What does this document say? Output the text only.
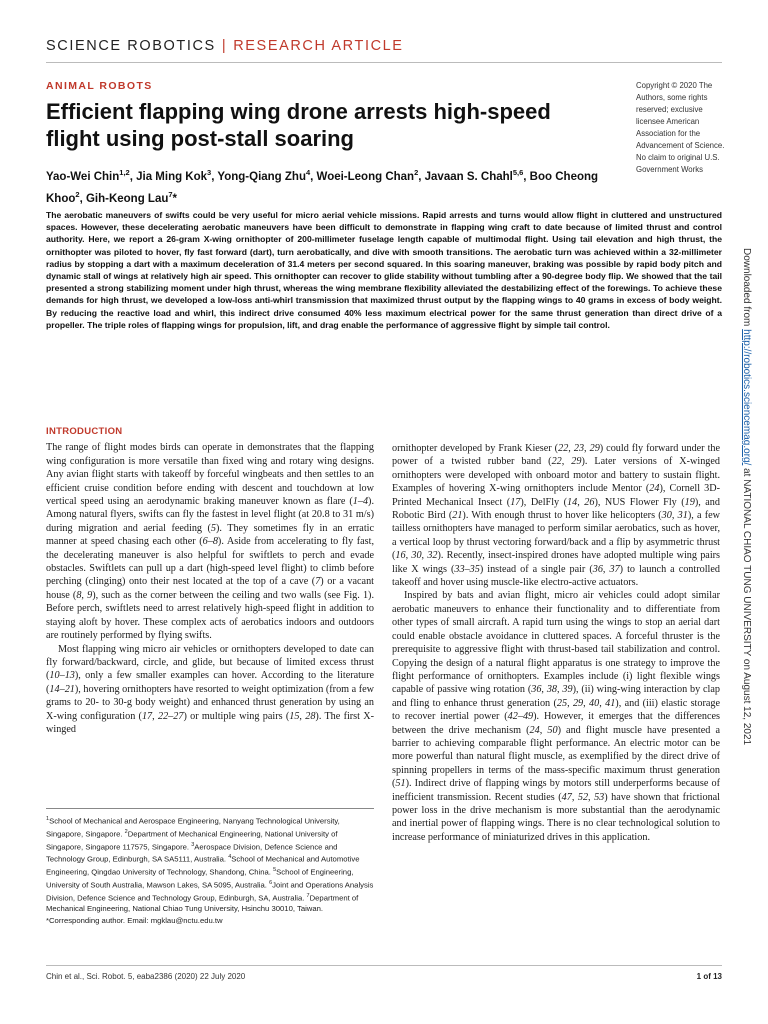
SCIENCE ROBOTICS | RESEARCH ARTICLE
ANIMAL ROBOTS
Efficient flapping wing drone arrests high-speed flight using post-stall soaring

Yao-Wei Chin$^{1,2}$, Jia Ming Kok$^3$, Yong-Qiang Zhu$^4$, Woei-Leong Chan$^2$, Javaan S. Chahl$^{5,6}$, Boo Cheong Khoo$^2$, Gih-Keong Lau$^7$*

Copyright © 2020 The Authors, some rights reserved; exclusive licensee American Association for the Advancement of Science. No claim to original U.S. Government Works

The aerobatic maneuvers of swifts could be very useful for micro aerial vehicle missions. Rapid arrests and turns would allow flight in cluttered and unstructured spaces. However, these decelerating aerobatic maneuvers have been difficult to demonstrate in flapping wing craft to date because of limited thrust and control authority. Here, we report a 26-gram X-wing ornithopter of 200-millimeter fuselage length capable of multimodal flight. Using tail elevation and high thrust, the ornithopter was piloted to hover, fly fast forward (dart), turn aerobatically, and dive with smooth transitions. The aerobatic turn was achieved within a 32-millimeter radius by stopping a dart with a maximum deceleration of 31.4 meters per second squared. In this soaring maneuver, braking was possible by rapid body pitch and dynamic stall of wings at relatively high air speed. This ornithopter can recover to glide stability without tumbling after a 90-degree body flip. We showed that the tail presented a strong stabilizing moment under high thrust, whereas the wing membrane flexibility alleviated the destabilizing effect of the forewings. To achieve these demands for high thrust, we developed a low-loss anti-whirl transmission that maximized thrust output by the flapping wings to 40 grams in excess of body weight. By reducing the reactive load and whirl, this indirect drive consumed 40% less maximum electrical power for the same thrust generation than direct drive of a propeller. The triple roles of flapping wings for propulsion, lift, and drag enable the performance of aggressive flight by simple tail control.

INTRODUCTION

The range of flight modes birds can operate in demonstrates that the flapping wing configuration is more versatile than fixed wing and rotary wing designs. Any avian flight starts with takeoff by forceful wingbeats and then settles to an efficient cruise condition before ending with descent and touchdown at low vertical speed using an aerodynamic braking maneuver known as flare (1–4). Among natural flyers, swifts can fly the fastest in level flight (at 20.8 to 31 m/s) during migration and aerial feeding (5). They sometimes fly in an erratic manner at speed chasing each other (6–8). Aside from accelerating to fly fast, the decelerating maneuver is also helpful for swiftlets to perch and evade obstacles. Swiftlets can pull up a dart (high-speed level flight) to climb before perching (clinging) onto their nest located at the top of a cave (7) or a vacant house (8, 9), such as the corner between the ceiling and two walls (see Fig. 1). Before perch, swiftlets need to arrest relatively high-speed flight in addition to staying aloft by hover. These complex acts of aerobatics indoors and outdoors are routinely performed by flying swifts.

Most flapping wing micro air vehicles or ornithopters developed to date can fly forward/backward, circle, and glide, but because of limited excess thrust (10–13), only a few smaller examples can hover. According to the literature (14–21), hovering ornithopters have resorted to weight optimization (from a few grams to 20- to 30-g body weight) and enhanced thrust generation by using an X-wing configuration (17, 22–27) or multiple wing pairs (15, 28). The first X-winged

ornithopter developed by Frank Kieser (22, 23, 29) could fly forward under the power of a twisted rubber band (22, 29). Later versions of X-winged ornithopters were developed with onboard motor and battery to sustain flight. Examples of hovering X-wing ornithopters include Mentor (24), Cornell 3D-Printed Mechanical Insect (17), DelFly (14, 26), NUS Flower Fly (19), and Robotic Bird (21). With enough thrust to hover like helicopters (30, 31), a few tailless ornithopters have managed to perform similar aerobatics, such as hover, a vertical loop by thrust vectoring forward/back and a flip by asymmetric thrust (16, 30, 32). Recently, insect-inspired drones have adopted multiple wing pairs like X wings (33–35) instead of a single pair (36, 37) to launch a controlled takeoff and hover using muscle-like electro-active actuators.

Inspired by bats and avian flight, micro air vehicles could adopt similar aerobatic maneuvers to enhance their functionality and to differentiate from other types of small aircraft. A rapid turn using the wings to stop an aerial dart could enable obstacle avoidance in cluttered spaces. A forceful thruster is the prerequisite to aggressive flight with thrust-based tail stabilization and control. Copying the design of a natural flight apparatus is one strategy to improve the flight performance of ornithopters. Examples include (i) light flexible wings capable of passive wing rotation (36, 38, 39), (ii) wing-wing interaction by clap and fling to enhance thrust generation (25, 29, 40, 41), and (iii) elastic storage to recover inertial power (42–49). However, it emerges that the differences between the drive mechanism (24, 50) and flight muscle have presented a barrier to achieving comparable flight performance. An electric motor can be more powerful than natural flight muscle, as exemplified by the direct drive of spinning propellers in terms of the mass-specific maximum thrust generation (51). Indirect drive of flapping wings by motors still underperforms because of inefficient transmission. Recent studies (47, 52, 53) have shown that frictional power loss in the drive mechanism is more substantial than the aerodynamic and inertial power of flapping wings. There is no clear technological solution to increase performance of miniaturized drives in this application.

$^1$School of Mechanical and Aerospace Engineering, Nanyang Technological University, Singapore, Singapore. $^2$Department of Mechanical Engineering, National University of Singapore, Singapore 117575, Singapore. $^3$Aerospace Division, Defence Science and Technology Group, Edinburgh, SA SA5111, Australia. $^4$School of Mechanical and Automotive Engineering, Qingdao University of Technology, Shandong, China. $^5$School of Engineering, University of South Australia, Mawson Lakes, SA 5095, Australia. $^6$Joint and Operations Analysis Division, Defence Science and Technology Group, Edinburgh, SA, Australia. $^7$Department of Mechanical Engineering, National Chiao Tung University, Hsinchu 30010, Taiwan.
*Corresponding author. Email: mgklau@nctu.edu.tw

Chin et al., Sci. Robot. 5, eaba2386 (2020) 22 July 2020	1 of 13
Downloaded from http://robotics.sciencemag.org/ at NATIONAL CHIAO TUNG UNIVERSITY on August 12, 2021
